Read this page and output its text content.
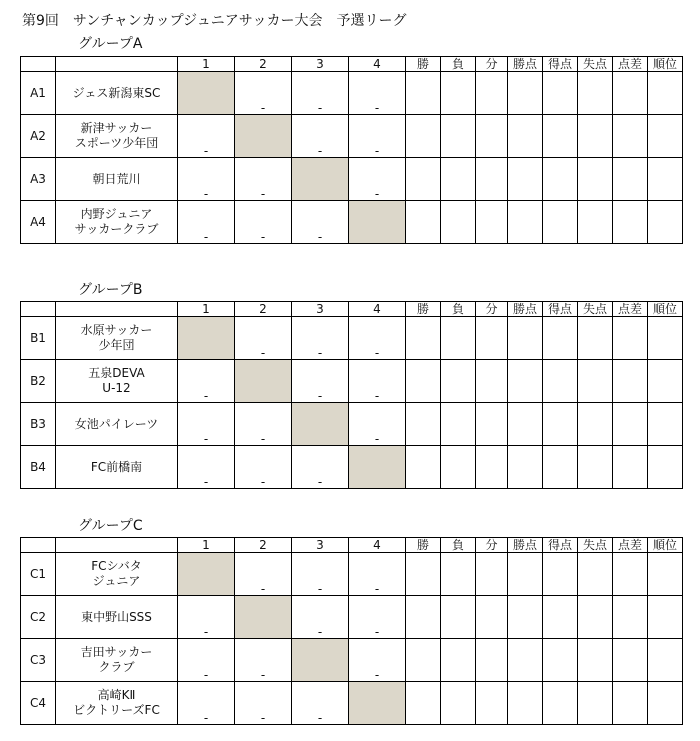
第9回　サンチャンカップジュニアサッカー大会　予選リーグ
グループA
		1	2	3	4	勝	負	分	勝点	得点	失点	点差	順位
A1	ジェス新潟東SC		-	-	-								
A2	新津サッカー
スポーツ少年団	-		-	-								
A3	朝日荒川	-	-		-								
A4	内野ジュニア
サッカークラブ	-	-	-									
グループB
		1	2	3	4	勝	負	分	勝点	得点	失点	点差	順位
B1	水原サッカー
少年団		-	-	-								
B2	五泉DEVA
U-12	-		-	-								
B3	女池パイレーツ	-	-		-								
B4	FC前橋南	-	-	-									
グループC
		1	2	3	4	勝	負	分	勝点	得点	失点	点差	順位
C1	FCシバタ
ジュニア		-	-	-								
C2	東中野山SSS	-		-	-								
C3	吉田サッカー
クラブ	-	-		-								
C4	高崎KⅡ
ビクトリーズFC	-	-	-									
